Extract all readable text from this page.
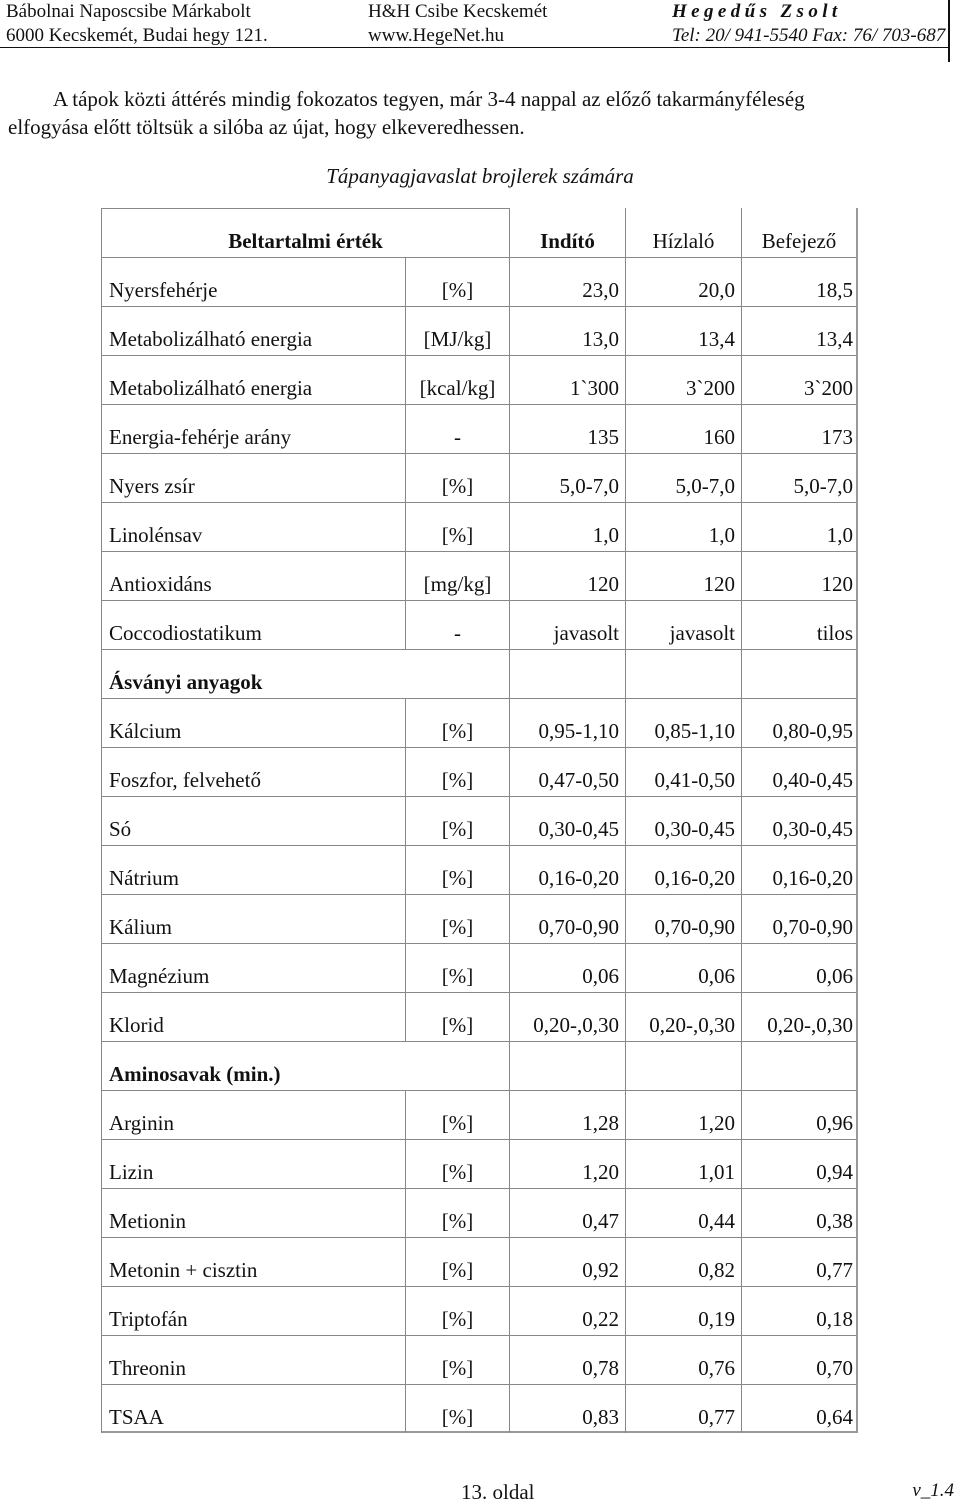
Bábolnai Naposcsibe Márkabolt
6000 Kecskemét, Budai hegy 121.
H&H Csibe Kecskemét
www.HegeNet.hu
Hegedűs Zsolt
Tel: 20/ 941-5540 Fax: 76/ 703-687
A tápok közti áttérés mindig fokozatos tegyen, már 3-4 nappal az előző takarmányféleség
elfogyása előtt töltsük a silóba az újat, hogy elkeveredhessen.
Tápanyagjavaslat brojlerek számára
Beltartalmi érték	Indító	Hízlaló	Befejező
Nyersfehérje	[%]	23,0	20,0	18,5
Metabolizálható energia	[MJ/kg]	13,0	13,4	13,4
Metabolizálható energia	[kcal/kg]	1`300	3`200	3`200
Energia-fehérje arány	-	135	160	173
Nyers zsír	[%]	5,0-7,0	5,0-7,0	5,0-7,0
Linolénsav	[%]	1,0	1,0	1,0
Antioxidáns	[mg/kg]	120	120	120
Coccodiostatikum	-	javasolt javasolt	tilos
Ásványi anyagok
Kálcium	[%]	0,95-1,10 0,85-1,10 0,80-0,95
Foszfor, felvehető	[%]	0,47-0,50 0,41-0,50 0,40-0,45
Só	[%]	0,30-0,45 0,30-0,45 0,30-0,45
Nátrium	[%]	0,16-0,20 0,16-0,20 0,16-0,20
Kálium	[%]	0,70-0,90 0,70-0,90 0,70-0,90
Magnézium	[%]	0,06	0,06	0,06
Klorid	[%]	0,20-,0,30 0,20-,0,30 0,20-,0,30
Aminosavak (min.)
Arginin	[%]	1,28	1,20	0,96
Lizin	[%]	1,20	1,01	0,94
Metionin	[%]	0,47	0,44	0,38
Metonin + cisztin	[%]	0,92	0,82	0,77
Triptofán	[%]	0,22	0,19	0,18
Threonin	[%]	0,78	0,76	0,70
TSAA	[%]	0,83	0,77	0,64
13. oldal	v_1.4
